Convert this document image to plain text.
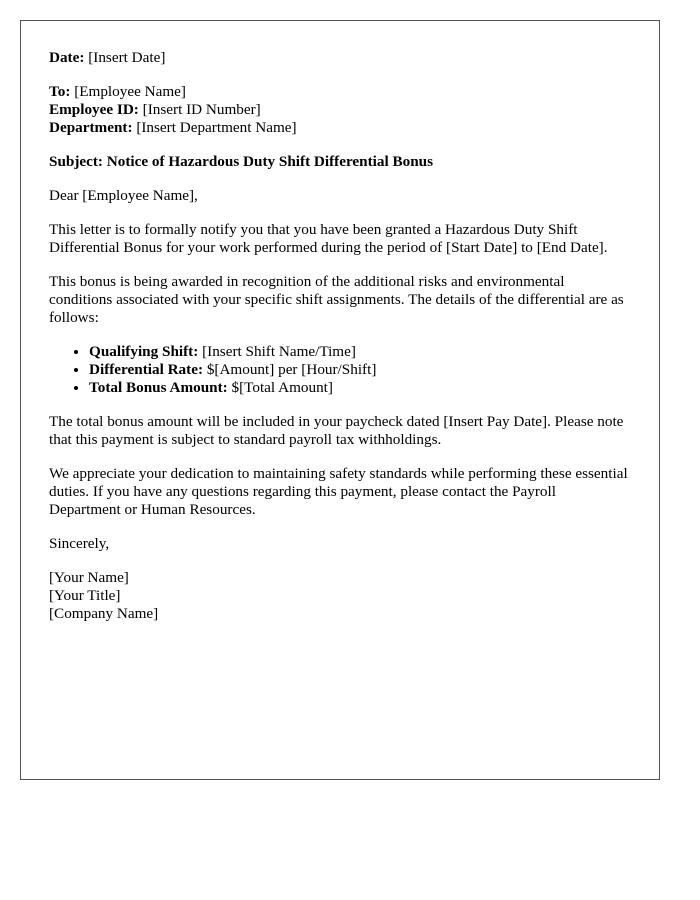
Date: [Insert Date]

To: [Employee Name]
Employee ID: [Insert ID Number]
Department: [Insert Department Name]

Subject: Notice of Hazardous Duty Shift Differential Bonus

Dear [Employee Name],

This letter is to formally notify you that you have been granted a Hazardous Duty Shift Differential Bonus for your work performed during the period of [Start Date] to [End Date].

This bonus is being awarded in recognition of the additional risks and environmental conditions associated with your specific shift assignments. The details of the differential are as follows:

• Qualifying Shift: [Insert Shift Name/Time]
• Differential Rate: $[Amount] per [Hour/Shift]
• Total Bonus Amount: $[Total Amount]

The total bonus amount will be included in your paycheck dated [Insert Pay Date]. Please note that this payment is subject to standard payroll tax withholdings.

We appreciate your dedication to maintaining safety standards while performing these essential duties. If you have any questions regarding this payment, please contact the Payroll Department or Human Resources.

Sincerely,

[Your Name]
[Your Title]
[Company Name]
